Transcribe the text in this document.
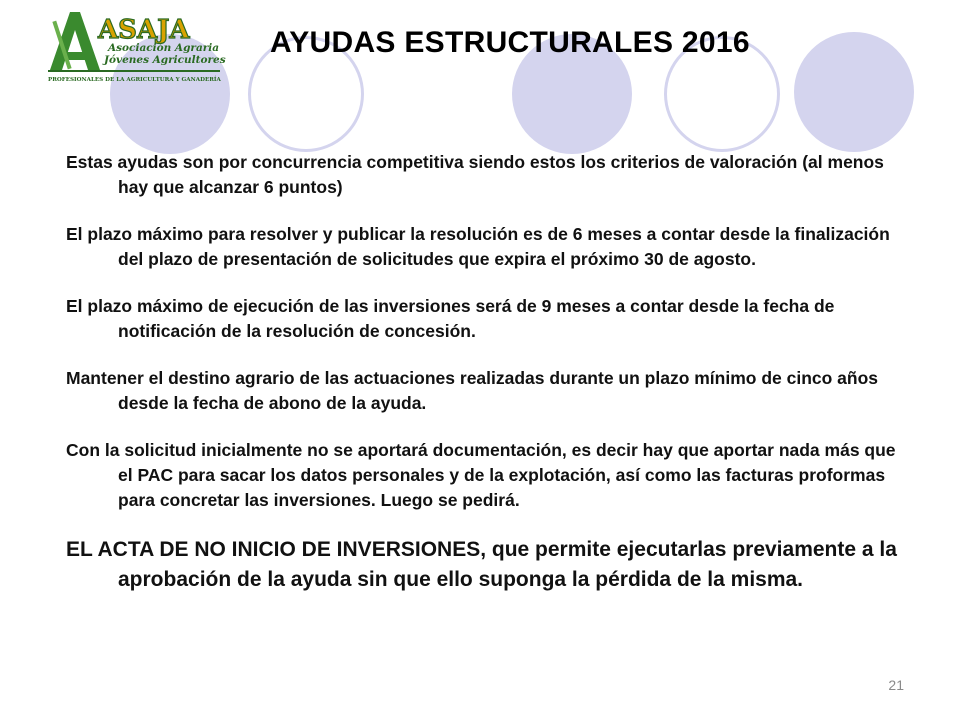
ASAJA
Asociación Agraria
Jóvenes Agricultores
PROFESIONALES DE LA AGRICULTURA Y GANADERÍA
AYUDAS ESTRUCTURALES 2016

Estas ayudas son por concurrencia competitiva siendo estos los criterios de valoración (al menos hay que alcanzar 6 puntos)

El plazo máximo para resolver y publicar la resolución es de 6 meses a contar desde la finalización del plazo de presentación de solicitudes que expira el próximo 30 de agosto.

El plazo máximo de ejecución de las inversiones será de 9 meses a contar desde la fecha de notificación de la resolución de concesión.

Mantener el destino agrario de las actuaciones realizadas durante un plazo mínimo de cinco años desde la fecha de abono de la ayuda.

Con la solicitud inicialmente no se aportará documentación, es decir hay que aportar nada más que el PAC para sacar los datos personales y de la explotación, así como las facturas proformas para concretar las inversiones. Luego se pedirá.

EL ACTA DE NO INICIO DE INVERSIONES, que permite ejecutarlas previamente a la aprobación de la ayuda sin que ello suponga la pérdida de la misma.

21
